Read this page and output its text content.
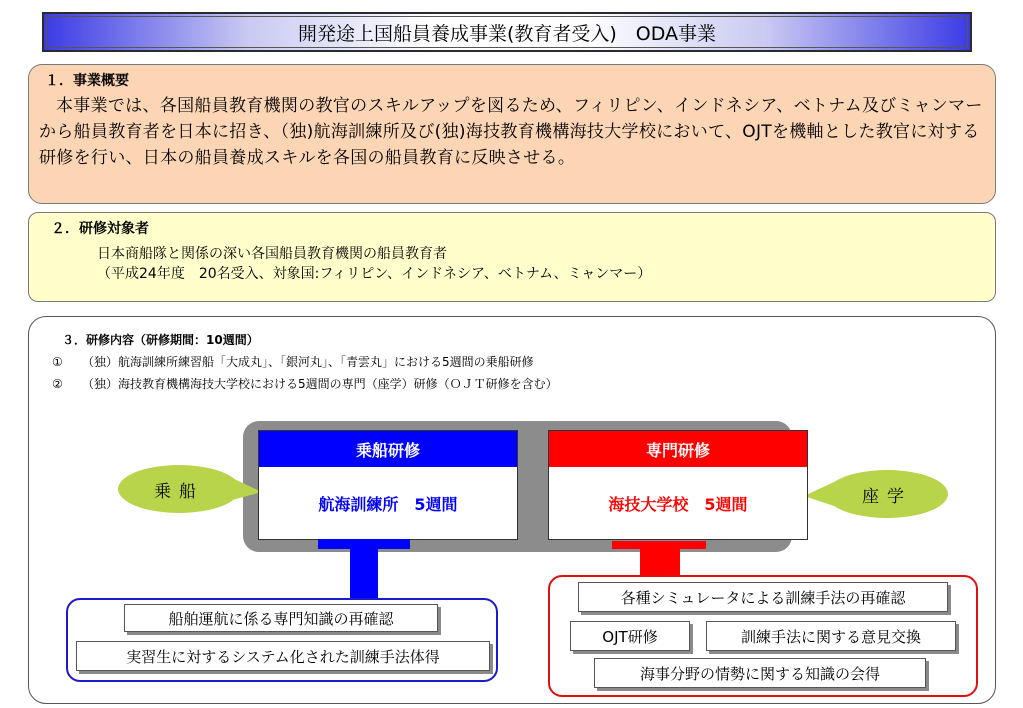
開発途上国船員養成事業(教育者受入)　ODA事業
１．事業概要
本事業では、各国船員教育機関の教官のスキルアップを図るため、フィリピン、インドネシア、ベトナム及びミャンマーから船員教育者を日本に招き、（独)航海訓練所及び(独)海技教育機構海技大学校において、OJTを機軸とした教官に対する研修を行い、日本の船員養成スキルを各国の船員教育に反映させる。
２．研修対象者
日本商船隊と関係の深い各国船員教育機関の船員教育者
（平成24年度　20名受入、対象国:フィリピン、インドネシア、ベトナム、ミャンマー）
３．研修内容（研修期間：10週間）
① （独）航海訓練所練習船「大成丸」、「銀河丸」、「青雲丸」における5週間の乗船研修
② （独）海技教育機構海技大学校における5週間の専門（座学）研修（ＯＪＴ研修を含む）
乗船研修
航海訓練所　5週間
専門研修
海技大学校　5週間
乗船	座学
船舶運航に係る専門知識の再確認
実習生に対するシステム化された訓練手法体得
各種シミュレータによる訓練手法の再確認
OJT研修	訓練手法に関する意見交換
海事分野の情勢に関する知識の会得
